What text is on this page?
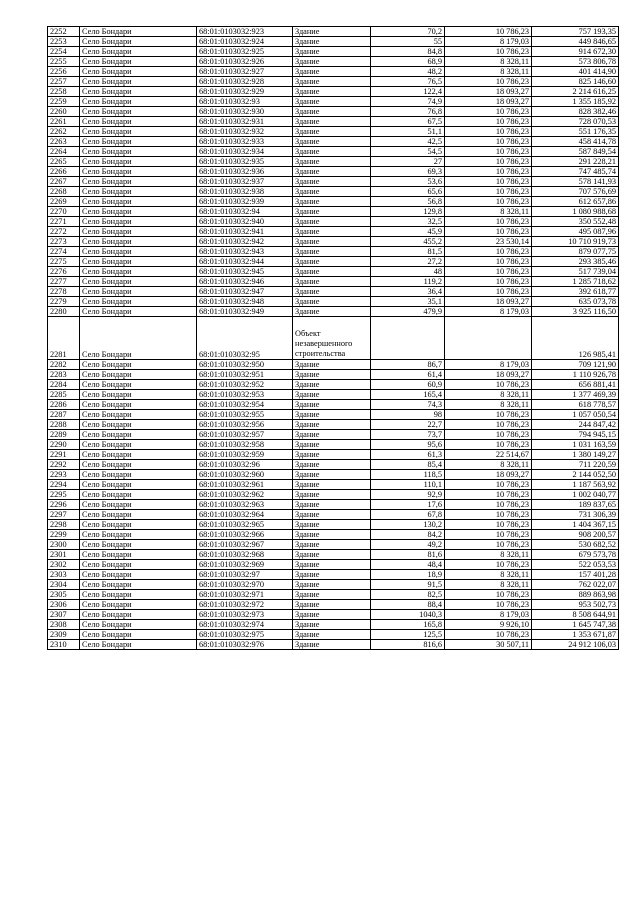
2252	Село Бондари	68:01:0103032:923	Здание	70,2	10 786,23	757 193,35
2253	Село Бондари	68:01:0103032:924	Здание	55	8 179,03	449 846,65
2254	Село Бондари	68:01:0103032:925	Здание	84,8	10 786,23	914 672,30
2255	Село Бондари	68:01:0103032:926	Здание	68,9	8 328,11	573 806,78
2256	Село Бондари	68:01:0103032:927	Здание	48,2	8 328,11	401 414,90
2257	Село Бондари	68:01:0103032:928	Здание	76,5	10 786,23	825 146,60
2258	Село Бондари	68:01:0103032:929	Здание	122,4	18 093,27	2 214 616,25
2259	Село Бондари	68:01:0103032:93	Здание	74,9	18 093,27	1 355 185,92
2260	Село Бондари	68:01:0103032:930	Здание	76,8	10 786,23	828 382,46
2261	Село Бондари	68:01:0103032:931	Здание	67,5	10 786,23	728 070,53
2262	Село Бондари	68:01:0103032:932	Здание	51,1	10 786,23	551 176,35
2263	Село Бондари	68:01:0103032:933	Здание	42,5	10 786,23	458 414,78
2264	Село Бондари	68:01:0103032:934	Здание	54,5	10 786,23	587 849,54
2265	Село Бондари	68:01:0103032:935	Здание	27	10 786,23	291 228,21
2266	Село Бондари	68:01:0103032:936	Здание	69,3	10 786,23	747 485,74
2267	Село Бондари	68:01:0103032:937	Здание	53,6	10 786,23	578 141,93
2268	Село Бондари	68:01:0103032:938	Здание	65,6	10 786,23	707 576,69
2269	Село Бондари	68:01:0103032:939	Здание	56,8	10 786,23	612 657,86
2270	Село Бондари	68:01:0103032:94	Здание	129,8	8 328,11	1 080 988,68
2271	Село Бондари	68:01:0103032:940	Здание	32,5	10 786,23	350 552,48
2272	Село Бондари	68:01:0103032:941	Здание	45,9	10 786,23	495 087,96
2273	Село Бондари	68:01:0103032:942	Здание	455,2	23 530,14	10 710 919,73
2274	Село Бондари	68:01:0103032:943	Здание	81,5	10 786,23	879 077,75
2275	Село Бондари	68:01:0103032:944	Здание	27,2	10 786,23	293 385,46
2276	Село Бондари	68:01:0103032:945	Здание	48	10 786,23	517 739,04
2277	Село Бондари	68:01:0103032:946	Здание	119,2	10 786,23	1 285 718,62
2278	Село Бондари	68:01:0103032:947	Здание	36,4	10 786,23	392 618,77
2279	Село Бондари	68:01:0103032:948	Здание	35,1	18 093,27	635 073,78
2280	Село Бондари	68:01:0103032:949	Здание	479,9	8 179,03	3 925 116,50
2281	Село Бондари	68:01:0103032:95	Объект незавершенного строительства			126 985,41
2282	Село Бондари	68:01:0103032:950	Здание	86,7	8 179,03	709 121,90
2283	Село Бондари	68:01:0103032:951	Здание	61,4	18 093,27	1 110 926,78
2284	Село Бондари	68:01:0103032:952	Здание	60,9	10 786,23	656 881,41
2285	Село Бондари	68:01:0103032:953	Здание	165,4	8 328,11	1 377 469,39
2286	Село Бондари	68:01:0103032:954	Здание	74,3	8 328,11	618 778,57
2287	Село Бондари	68:01:0103032:955	Здание	98	10 786,23	1 057 050,54
2288	Село Бондари	68:01:0103032:956	Здание	22,7	10 786,23	244 847,42
2289	Село Бондари	68:01:0103032:957	Здание	73,7	10 786,23	794 945,15
2290	Село Бондари	68:01:0103032:958	Здание	95,6	10 786,23	1 031 163,59
2291	Село Бондари	68:01:0103032:959	Здание	61,3	22 514,67	1 380 149,27
2292	Село Бондари	68:01:0103032:96	Здание	85,4	8 328,11	711 220,59
2293	Село Бондари	68:01:0103032:960	Здание	118,5	18 093,27	2 144 052,50
2294	Село Бондари	68:01:0103032:961	Здание	110,1	10 786,23	1 187 563,92
2295	Село Бондари	68:01:0103032:962	Здание	92,9	10 786,23	1 002 040,77
2296	Село Бондари	68:01:0103032:963	Здание	17,6	10 786,23	189 837,65
2297	Село Бондари	68:01:0103032:964	Здание	67,8	10 786,23	731 306,39
2298	Село Бондари	68:01:0103032:965	Здание	130,2	10 786,23	1 404 367,15
2299	Село Бондари	68:01:0103032:966	Здание	84,2	10 786,23	908 200,57
2300	Село Бондари	68:01:0103032:967	Здание	49,2	10 786,23	530 682,52
2301	Село Бондари	68:01:0103032:968	Здание	81,6	8 328,11	679 573,78
2302	Село Бондари	68:01:0103032:969	Здание	48,4	10 786,23	522 053,53
2303	Село Бондари	68:01:0103032:97	Здание	18,9	8 328,11	157 401,28
2304	Село Бондари	68:01:0103032:970	Здание	91,5	8 328,11	762 022,07
2305	Село Бондари	68:01:0103032:971	Здание	82,5	10 786,23	889 863,98
2306	Село Бондари	68:01:0103032:972	Здание	88,4	10 786,23	953 502,73
2307	Село Бондари	68:01:0103032:973	Здание	1040,3	8 179,03	8 508 644,91
2308	Село Бондари	68:01:0103032:974	Здание	165,8	9 926,10	1 645 747,38
2309	Село Бондари	68:01:0103032:975	Здание	125,5	10 786,23	1 353 671,87
2310	Село Бондари	68:01:0103032:976	Здание	816,6	30 507,11	24 912 106,03
